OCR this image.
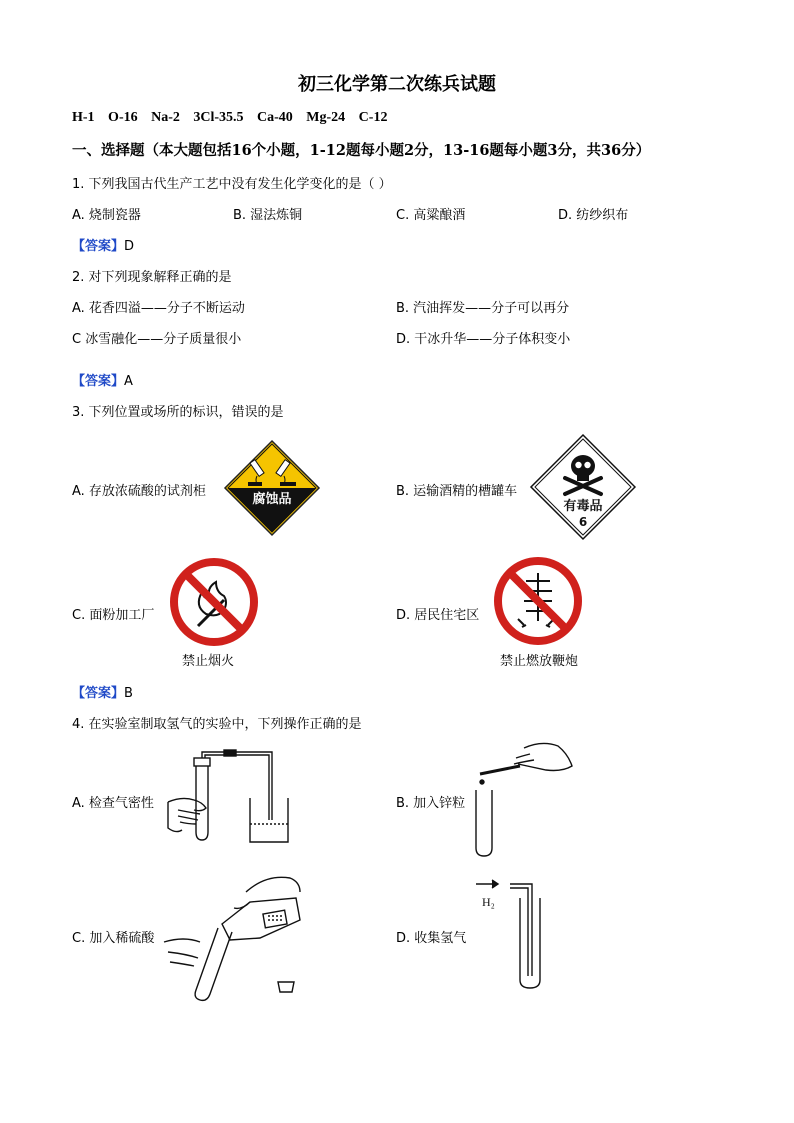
初三化学第二次练兵试题
H-1 O-16 Na-2 3Cl-35.5 Ca-40 Mg-24 C-12
一、选择题（本大题包括16个小题，1-12题每小题2分，13-16题每小题3分，共36分）
1. 下列我国古代生产工艺中没有发生化学变化的是（ ）
A. 烧制瓷器	B. 湿法炼铜	C. 高粱酿酒	D. 纺纱织布
【答案】D
2. 对下列现象解释正确的是
A. 花香四溢——分子不断运动	B. 汽油挥发——分子可以再分
C 冰雪融化——分子质量很小	D. 干冰升华——分子体积变小
【答案】A
3. 下列位置或场所的标识，错误的是
A. 存放浓硫酸的试剂柜	B. 运输酒精的槽罐车
C. 面粉加工厂	D. 居民住宅区
腐蚀品	有毒品
6
禁止烟火	禁止燃放鞭炮
【答案】B
4. 在实验室制取氢气的实验中，下列操作正确的是
A. 检查气密性	B. 加入锌粒
C. 加入稀硫酸	D. 收集氢气
H₂
